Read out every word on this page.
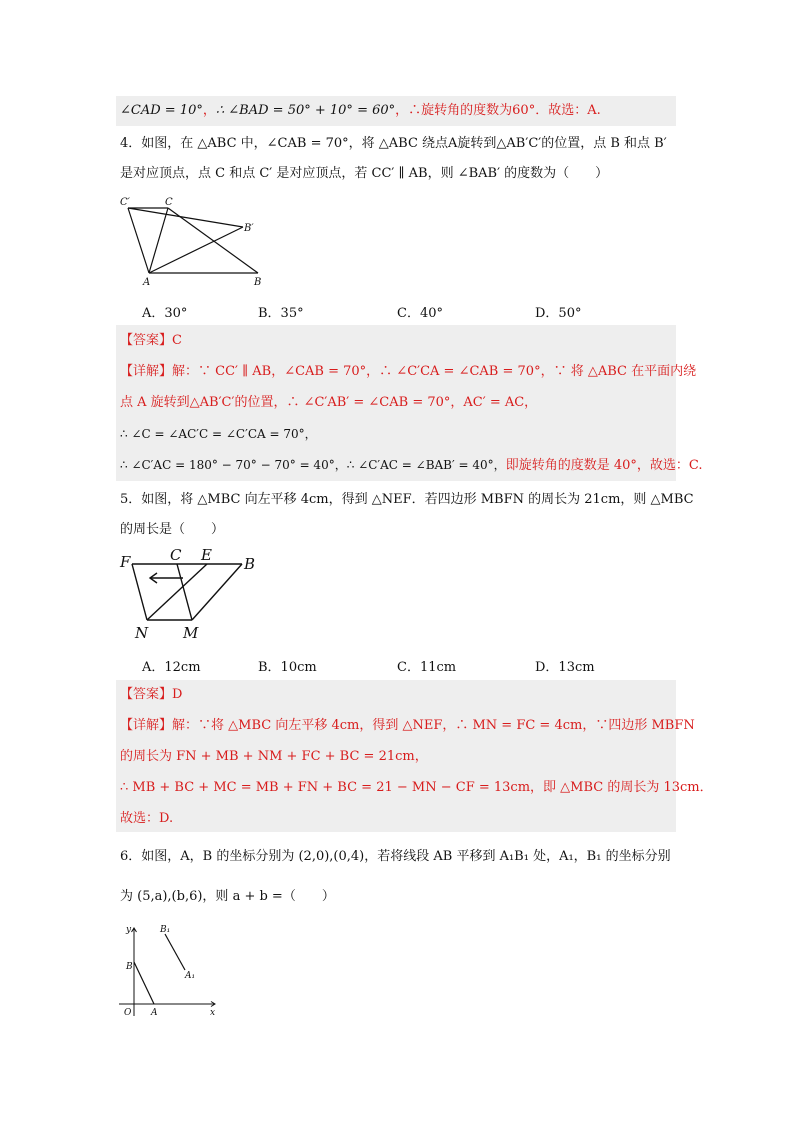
∠CAD = 10°，∴ ∠BAD = 50° + 10° = 60°，∴旋转角的度数为60°．故选：A.
4．如图，在 △ABC 中，∠CAB = 70°，将 △ABC 绕点A旋转到△AB′C′的位置，点 B 和点 B′
是对应顶点，点 C 和点 C′ 是对应顶点，若 CC′ ∥ AB，则 ∠BAB′ 的度数为（　　）
C′	C
B′
A	B
A．30°	B．35°	C．40°	D．50°
【答案】C
【详解】解：∵ CC′ ∥ AB，∠CAB = 70°，∴ ∠C′CA = ∠CAB = 70°，∵ 将 △ABC 在平面内绕
点 A 旋转到△AB′C′的位置，∴ ∠C′AB′ = ∠CAB = 70°，AC′ = AC，
∴ ∠C = ∠AC′C = ∠C′CA = 70°，
∴ ∠C′AC = 180° − 70° − 70° = 40°，∴ ∠C′AC = ∠BAB′ = 40°，即旋转角的度数是 40°，故选：C.
5．如图，将 △MBC 向左平移 4cm，得到 △NEF．若四边形 MBFN 的周长为 21cm，则 △MBC
的周长是（　　）
F	C E B
N M
A．12cm	B．10cm	C．11cm	D．13cm
【答案】D
【详解】解：∵将 △MBC 向左平移 4cm，得到 △NEF，∴ MN = FC = 4cm，∵四边形 MBFN
的周长为 FN + MB + NM + FC + BC = 21cm，
∴ MB + BC + MC = MB + FN + BC = 21 − MN − CF = 13cm，即 △MBC 的周长为 13cm．
故选：D.
6．如图，A，B 的坐标分别为 (2,0),(0,4)，若将线段 AB 平移到 A₁B₁ 处，A₁，B₁ 的坐标分别
为 (5,a),(b,6)，则 a + b =（　　）
y
x
O A
B
A₁
B₁
